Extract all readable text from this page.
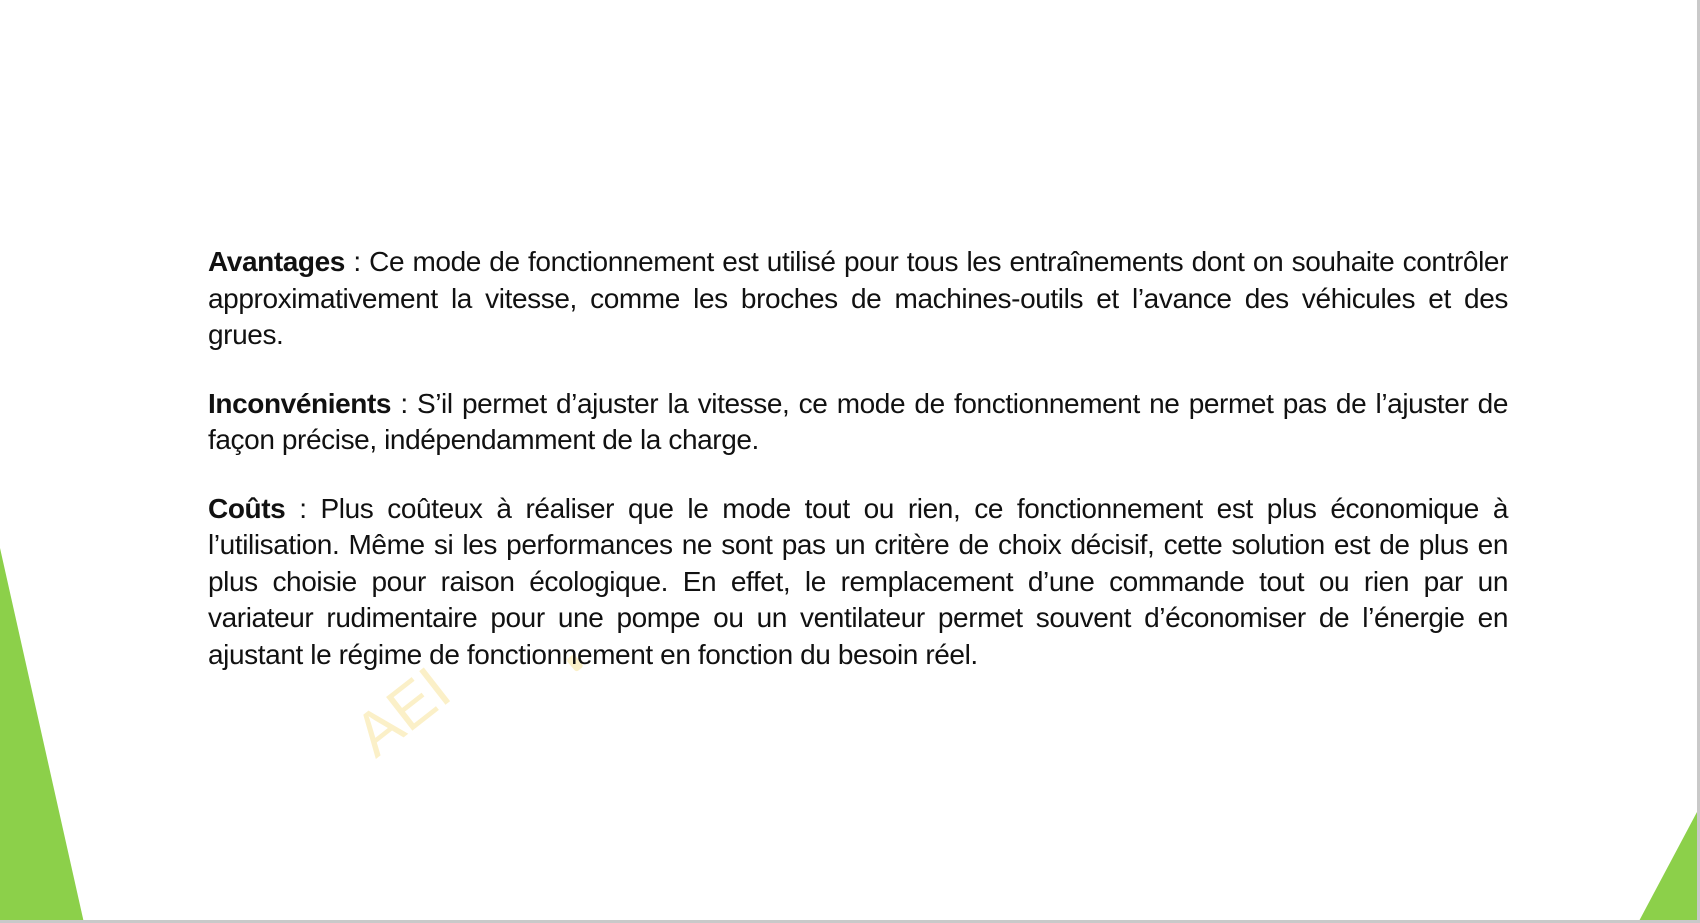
AEI

Avantages : Ce mode de fonctionnement est utilisé pour tous les entraînements dont on souhaite contrôler approximativement la vitesse, comme les broches de machines-outils et l’avance des véhicules et des grues.

Inconvénients : S’il permet d’ajuster la vitesse, ce mode de fonctionnement ne permet pas de l’ajuster de façon précise, indépendamment de la charge.

Coûts : Plus coûteux à réaliser que le mode tout ou rien, ce fonctionnement est plus économique à l’utilisation. Même si les performances ne sont pas un critère de choix décisif, cette solution est de plus en plus choisie pour raison écologique. En effet, le remplacement d’une commande tout ou rien par un variateur rudimentaire pour une pompe ou un ventilateur permet souvent d’économiser de l’énergie en ajustant le régime de fonctionnement en fonction du besoin réel.
